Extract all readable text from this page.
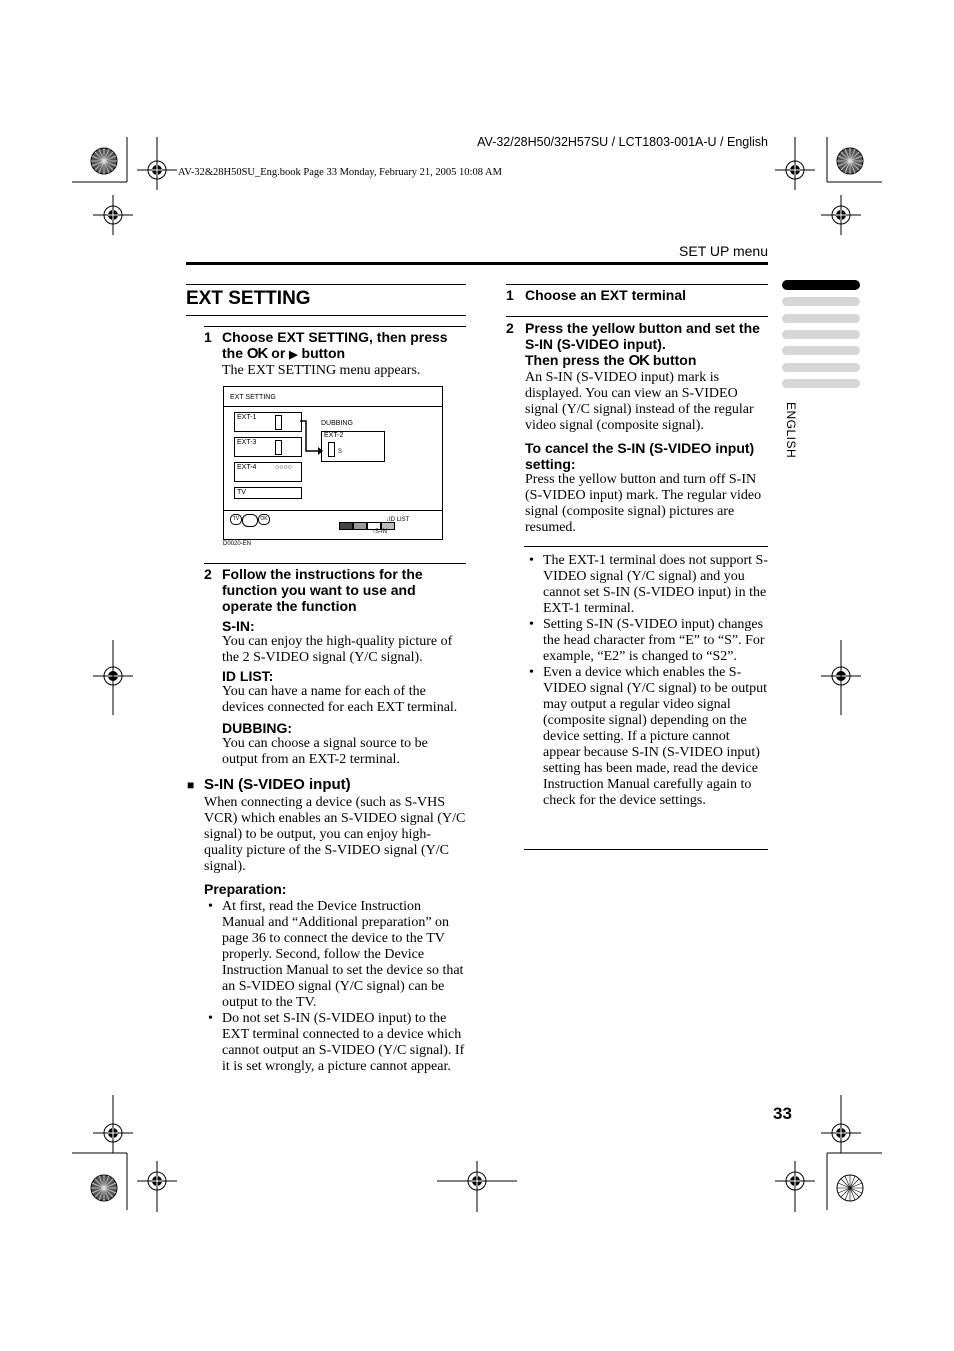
AV-32/28H50/32H57SU / LCT1803-001A-U / English
AV-32&28H50SU_Eng.book Page 33 Monday, February 21, 2005 10:08 AM
SET UP menu
ENGLISH
EXT SETTING
1 Choose EXT SETTING, then press
the OK or ▶ button
The EXT SETTING menu appears.
EXT SETTING
EXT-1
EXT-3
EXT-4	○○○○
TV
DUBBING
EXT-2
S
TV	OK	↓ID LIST
↑S-IN
D0020-EN
2 Follow the instructions for the
function you want to use and
operate the function
S-IN:
You can enjoy the high-quality picture of the 2 S-VIDEO signal (Y/C signal).
ID LIST:
You can have a name for each of the devices connected for each EXT terminal.
DUBBING:
You can choose a signal source to be output from an EXT-2 terminal.
■ S-IN (S-VIDEO input)
When connecting a device (such as S-VHS VCR) which enables an S-VIDEO signal (Y/C signal) to be output, you can enjoy high-quality picture of the S-VIDEO signal (Y/C signal).
Preparation:
• At first, read the Device Instruction Manual and “Additional preparation” on page 36 to connect the device to the TV properly. Second, follow the Device Instruction Manual to set the device so that an S-VIDEO signal (Y/C signal) can be output to the TV.
• Do not set S-IN (S-VIDEO input) to the EXT terminal connected to a device which cannot output an S-VIDEO (Y/C signal). If it is set wrongly, a picture cannot appear.
1 Choose an EXT terminal
2 Press the yellow button and set the
S-IN (S-VIDEO input).
Then press the OK button
An S-IN (S-VIDEO input) mark is displayed. You can view an S-VIDEO signal (Y/C signal) instead of the regular video signal (composite signal).
To cancel the S-IN (S-VIDEO input) setting:
Press the yellow button and turn off S-IN (S-VIDEO input) mark. The regular video signal (composite signal) pictures are resumed.
• The EXT-1 terminal does not support S-VIDEO signal (Y/C signal) and you cannot set S-IN (S-VIDEO input) in the EXT-1 terminal.
• Setting S-IN (S-VIDEO input) changes the head character from “E” to “S”. For example, “E2” is changed to “S2”.
• Even a device which enables the S-VIDEO signal (Y/C signal) to be output may output a regular video signal (composite signal) depending on the device setting. If a picture cannot appear because S-IN (S-VIDEO input) setting has been made, read the device Instruction Manual carefully again to check for the device settings.
33
